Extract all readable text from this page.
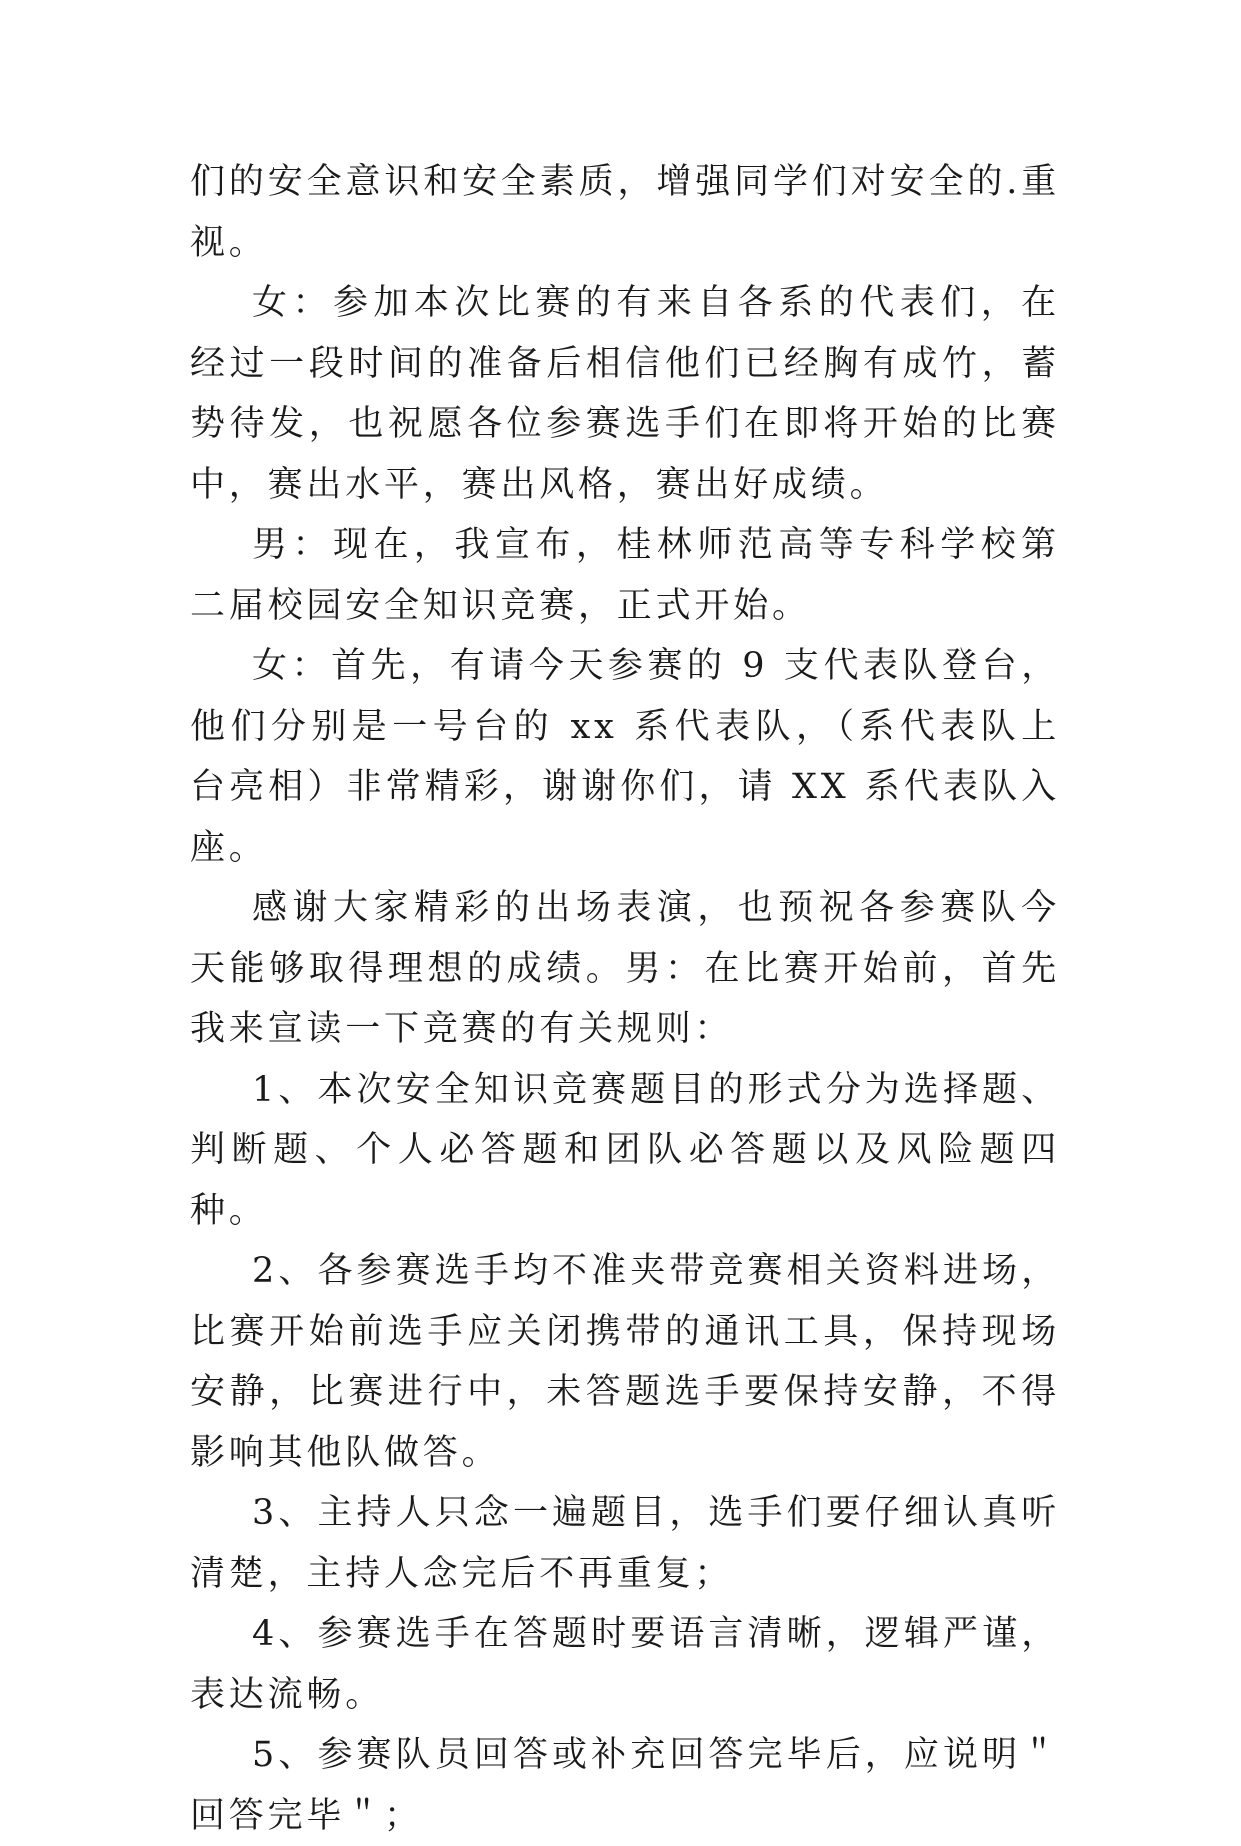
们的安全意识和安全素质，增强同学们对安全的.重视。

女：参加本次比赛的有来自各系的代表们，在经过一段时间的准备后相信他们已经胸有成竹，蓄势待发，也祝愿各位参赛选手们在即将开始的比赛中，赛出水平，赛出风格，赛出好成绩。

男：现在，我宣布，桂林师范高等专科学校第二届校园安全知识竞赛，正式开始。

女：首先，有请今天参赛的 9 支代表队登台，他们分别是一号台的 xx 系代表队，（系代表队上台亮相）非常精彩，谢谢你们，请 XX 系代表队入座。

感谢大家精彩的出场表演，也预祝各参赛队今天能够取得理想的成绩。男：在比赛开始前，首先我来宣读一下竞赛的有关规则：

1、本次安全知识竞赛题目的形式分为选择题、判断题、个人必答题和团队必答题以及风险题四种。

2、各参赛选手均不准夹带竞赛相关资料进场，比赛开始前选手应关闭携带的通讯工具，保持现场安静，比赛进行中，未答题选手要保持安静，不得影响其他队做答。

3、主持人只念一遍题目，选手们要仔细认真听清楚，主持人念完后不再重复；

4、参赛选手在答题时要语言清晰，逻辑严谨，表达流畅。

5、参赛队员回答或补充回答完毕后，应说明＂回答完毕＂；
